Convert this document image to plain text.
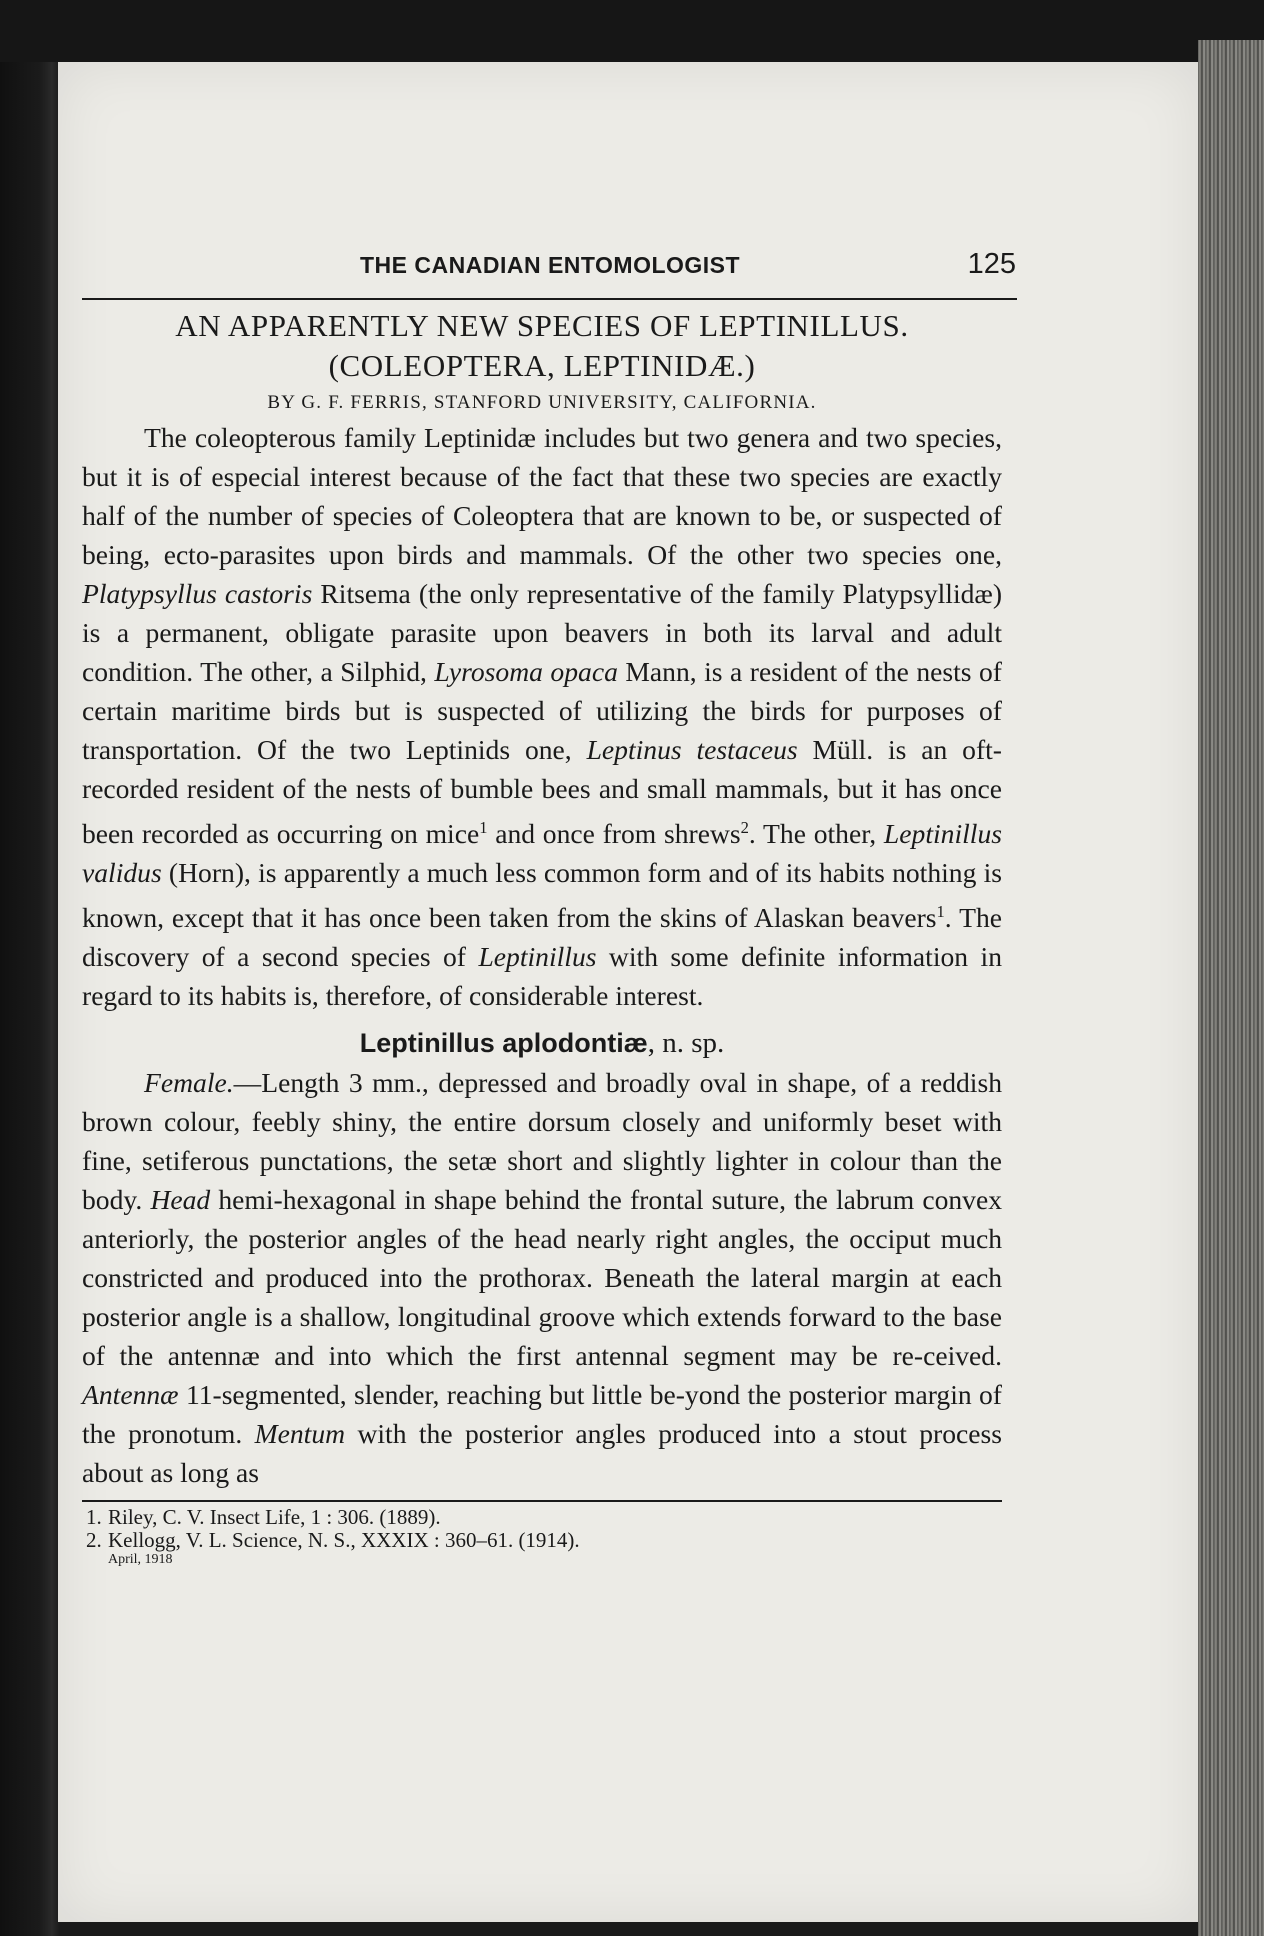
THE CANADIAN ENTOMOLOGIST	125
AN APPARENTLY NEW SPECIES OF LEPTINILLUS.
(COLEOPTERA, LEPTINIDÆ.)
BY G. F. FERRIS, STANFORD UNIVERSITY, CALIFORNIA.

The coleopterous family Leptinidæ includes but two genera and two species, but it is of especial interest because of the fact that these two species are exactly half of the number of species of Coleoptera that are known to be, or suspected of being, ecto-parasites upon birds and mammals. Of the other two species one, Platypsyllus castoris Ritsema (the only representative of the family Platypsyllidæ) is a permanent, obligate parasite upon beavers in both its larval and adult condition. The other, a Silphid, Lyrosoma opaca Mann, is a resident of the nests of certain maritime birds but is suspected of utilizing the birds for purposes of transportation. Of the two Leptinids one, Leptinus testaceus Müll. is an oft-recorded resident of the nests of bumble bees and small mammals, but it has once been recorded as occurring on mice$^1$ and once from shrews$^2$. The other, Leptinillus validus (Horn), is apparently a much less common form and of its habits nothing is known, except that it has once been taken from the skins of Alaskan beavers$^1$. The discovery of a second species of Leptinillus with some definite information in regard to its habits is, therefore, of considerable interest.

Leptinillus aplodontiæ, n. sp.

Female.—Length 3 mm., depressed and broadly oval in shape, of a reddish brown colour, feebly shiny, the entire dorsum closely and uniformly beset with fine, setiferous punctations, the setæ short and slightly lighter in colour than the body. Head hemi-hexagonal in shape behind the frontal suture, the labrum convex anteriorly, the posterior angles of the head nearly right angles, the occiput much constricted and produced into the prothorax. Beneath the lateral margin at each posterior angle is a shallow, longitudinal groove which extends forward to the base of the antennæ and into which the first antennal segment may be re-ceived. Antennæ 11-segmented, slender, reaching but little be-yond the posterior margin of the pronotum. Mentum with the posterior angles produced into a stout process about as long as

1. Riley, C. V. Insect Life, 1 : 306. (1889).
2. Kellogg, V. L. Science, N. S., XXXIX : 360–61. (1914).
April, 1918
